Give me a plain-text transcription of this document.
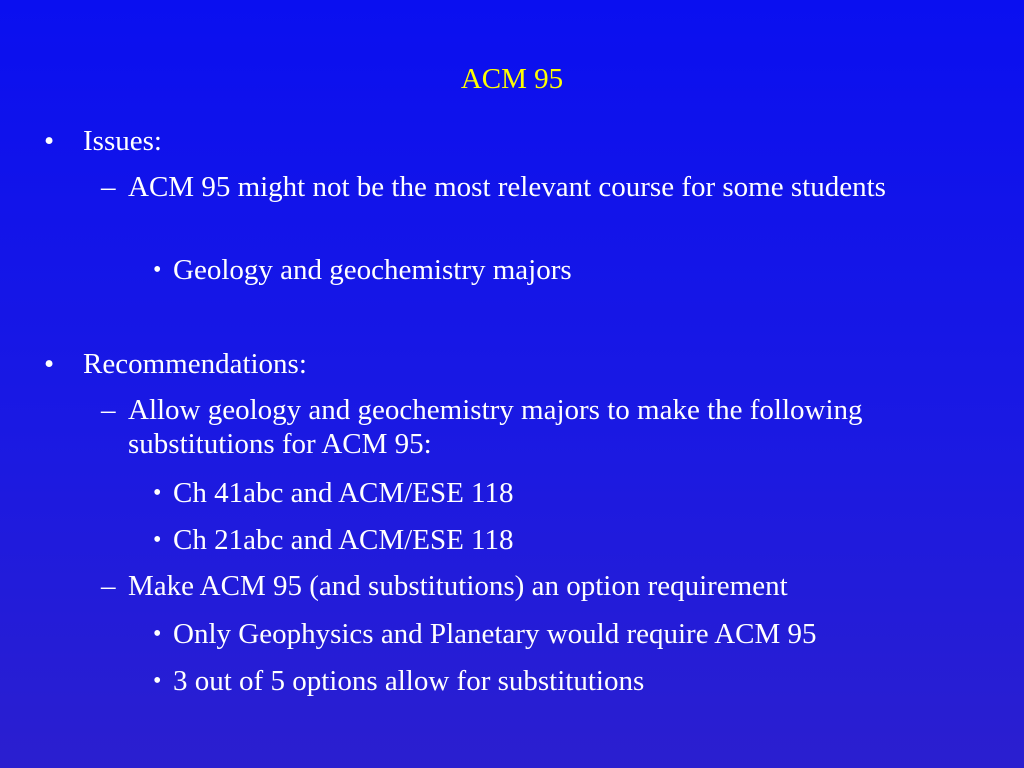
ACM 95
• Issues:
– ACM 95 might not be the most relevant course for some students
• Geology and geochemistry majors
• Recommendations:
– Allow geology and geochemistry majors to make the following substitutions for ACM 95:
• Ch 41abc and ACM/ESE 118
• Ch 21abc and ACM/ESE 118
– Make ACM 95 (and substitutions) an option requirement
• Only Geophysics and Planetary would require ACM 95
• 3 out of 5 options allow for substitutions
